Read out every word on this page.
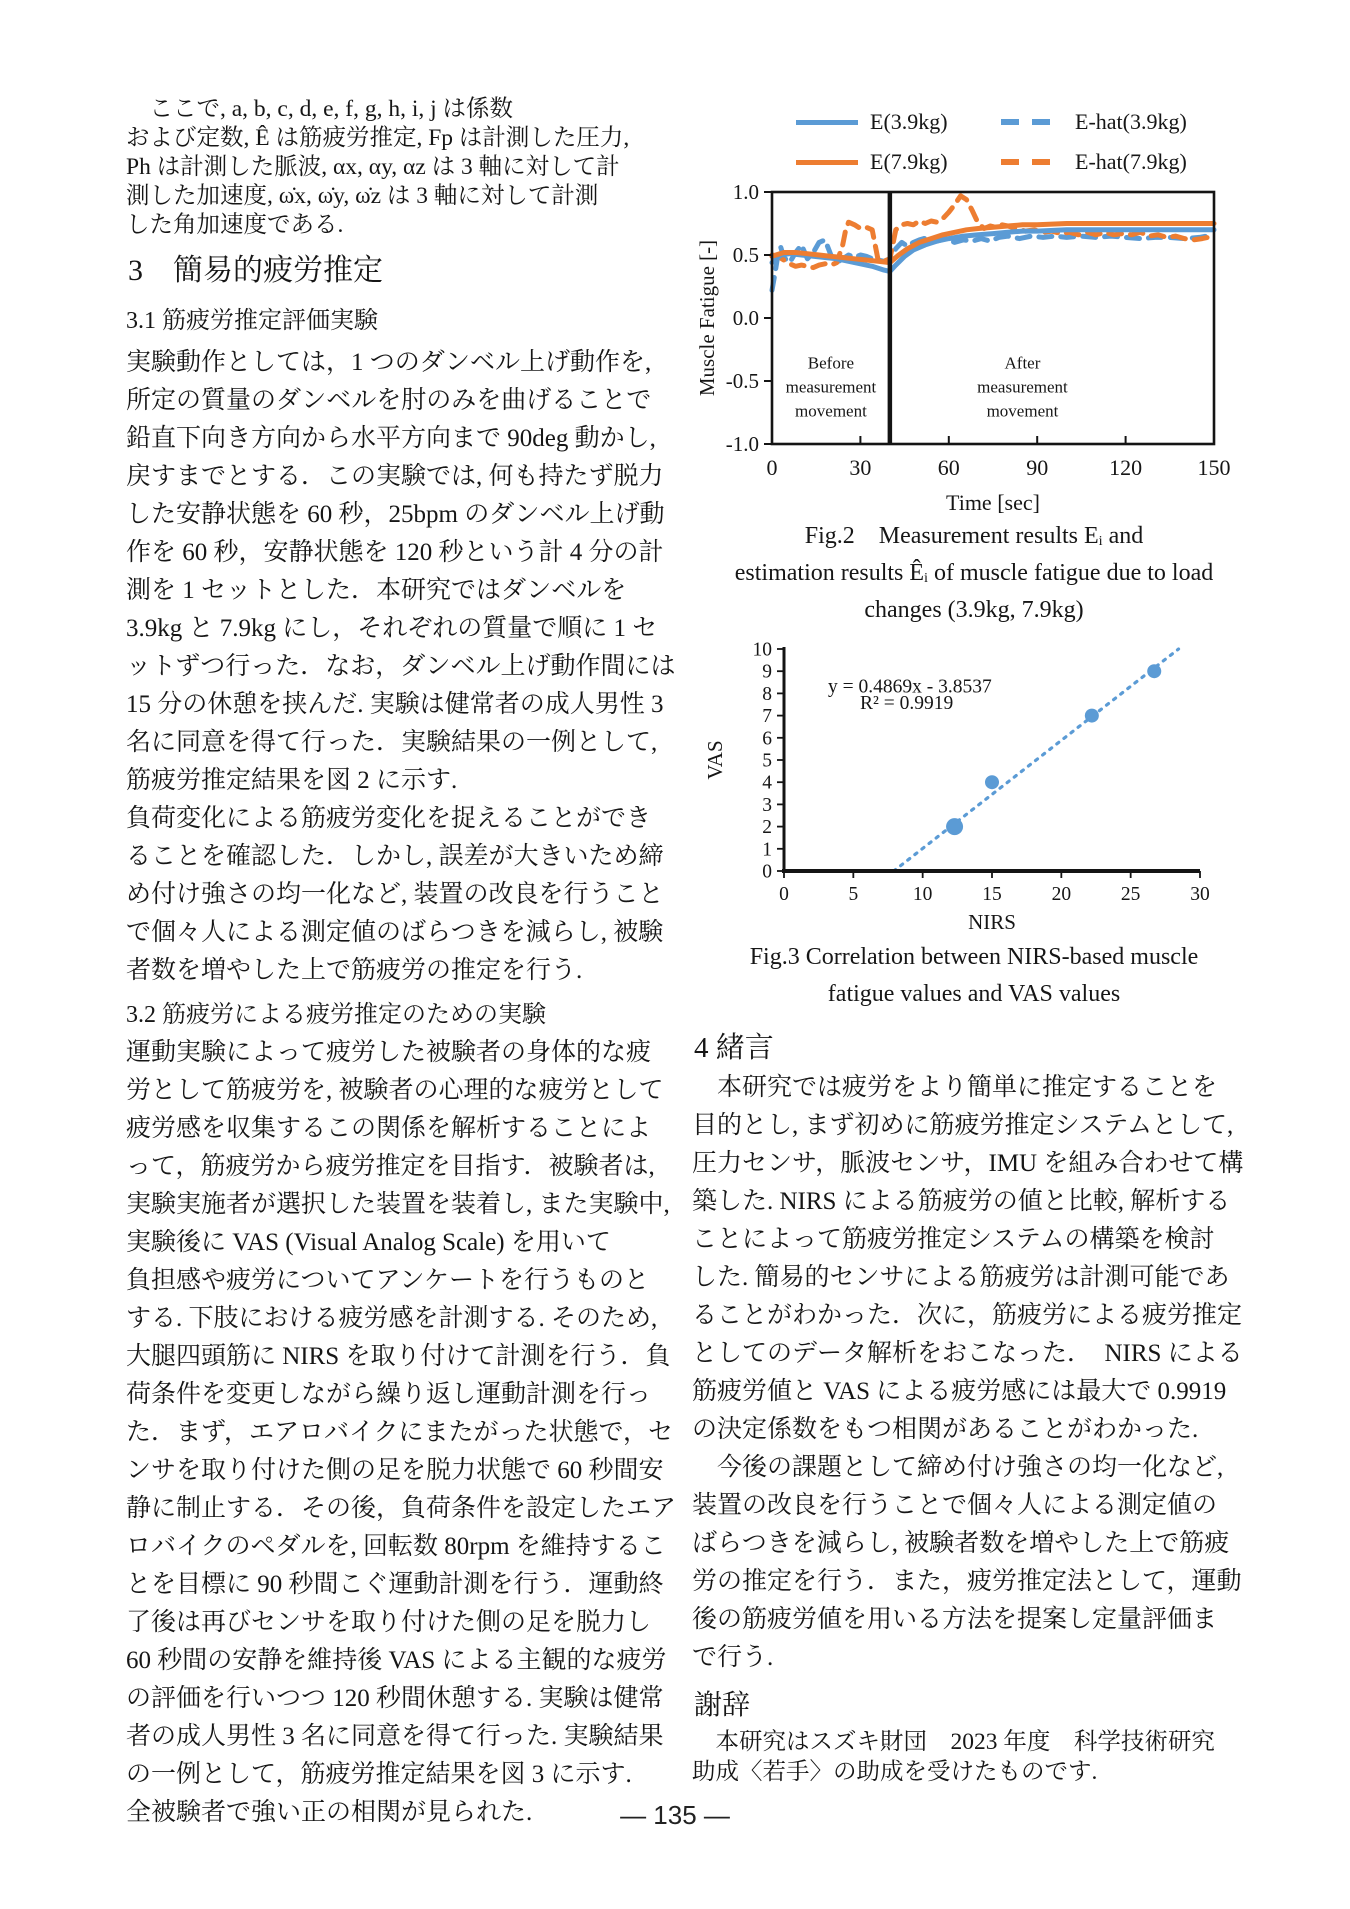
　ここで, a, b, c, d, e, f, g, h, i, j は係数
および定数, Ê は筋疲労推定, Fp は計測した圧力,
Ph は計測した脈波, αx, αy, αz は 3 軸に対して計
測した加速度, ω̇x, ω̇y, ω̇z は 3 軸に対して計測
した角加速度である.
3　簡易的疲労推定
3.1 筋疲労推定評価実験
実験動作としては，1 つのダンベル上げ動作を,
所定の質量のダンベルを肘のみを曲げることで
鉛直下向き方向から水平方向まで 90deg 動かし,
戻すまでとする．この実験では, 何も持たず脱力
した安静状態を 60 秒，25bpm のダンベル上げ動
作を 60 秒，安静状態を 120 秒という計 4 分の計
測を 1 セットとした．本研究ではダンベルを
3.9kg と 7.9kg にし，それぞれの質量で順に 1 セ
ットずつ行った．なお，ダンベル上げ動作間には
15 分の休憩を挟んだ. 実験は健常者の成人男性 3
名に同意を得て行った．実験結果の一例として,
筋疲労推定結果を図 2 に示す.
負荷変化による筋疲労変化を捉えることができ
ることを確認した．しかし, 誤差が大きいため締
め付け強さの均一化など, 装置の改良を行うこと
で個々人による測定値のばらつきを減らし, 被験
者数を増やした上で筋疲労の推定を行う.
3.2 筋疲労による疲労推定のための実験
運動実験によって疲労した被験者の身体的な疲
労として筋疲労を, 被験者の心理的な疲労として
疲労感を収集するこの関係を解析することによ
って，筋疲労から疲労推定を目指す．被験者は,
実験実施者が選択した装置を装着し, また実験中,
実験後に VAS (Visual Analog Scale) を用いて
負担感や疲労についてアンケートを行うものと
する. 下肢における疲労感を計測する. そのため,
大腿四頭筋に NIRS を取り付けて計測を行う．負
荷条件を変更しながら繰り返し運動計測を行っ
た．まず，エアロバイクにまたがった状態で，セ
ンサを取り付けた側の足を脱力状態で 60 秒間安
静に制止する．その後，負荷条件を設定したエア
ロバイクのペダルを, 回転数 80rpm を維持するこ
とを目標に 90 秒間こぐ運動計測を行う．運動終
了後は再びセンサを取り付けた側の足を脱力し
60 秒間の安静を維持後 VAS による主観的な疲労
の評価を行いつつ 120 秒間休憩する. 実験は健常
者の成人男性 3 名に同意を得て行った. 実験結果
の一例として，筋疲労推定結果を図 3 に示す.
全被験者で強い正の相関が見られた.
E(3.9kg)	E-hat(3.9kg)
E(7.9kg)	E-hat(7.9kg)
1.0
0.5
0.0
-0.5
-1.0
0	30	60	90	120	150
Muscle Fatigue [-]
Time [sec]
Before
measurement
movement
After
measurement
movement
Fig.2　Measurement results Eᵢ and
estimation results Êᵢ of muscle fatigue due to load
changes (3.9kg, 7.9kg)
0
1
2
3
4
5
6
7
8
9
10
0	5	10	15	20	25	30
VAS
NIRS
y = 0.4869x - 3.8537
R² = 0.9919
Fig.3 Correlation between NIRS-based muscle
fatigue values and VAS values
4 緒言
　本研究では疲労をより簡単に推定することを
目的とし, まず初めに筋疲労推定システムとして,
圧力センサ，脈波センサ，IMU を組み合わせて構
築した. NIRS による筋疲労の値と比較, 解析する
ことによって筋疲労推定システムの構築を検討
した. 簡易的センサによる筋疲労は計測可能であ
ることがわかった．次に，筋疲労による疲労推定
としてのデータ解析をおこなった．　NIRS による
筋疲労値と VAS による疲労感には最大で 0.9919
の決定係数をもつ相関があることがわかった.
　今後の課題として締め付け強さの均一化など,
装置の改良を行うことで個々人による測定値の
ばらつきを減らし, 被験者数を増やした上で筋疲
労の推定を行う．また，疲労推定法として，運動
後の筋疲労値を用いる方法を提案し定量評価ま
で行う.
謝辞
　本研究はスズキ財団　2023 年度　科学技術研究
助成〈若手〉の助成を受けたものです.
— 135 —
